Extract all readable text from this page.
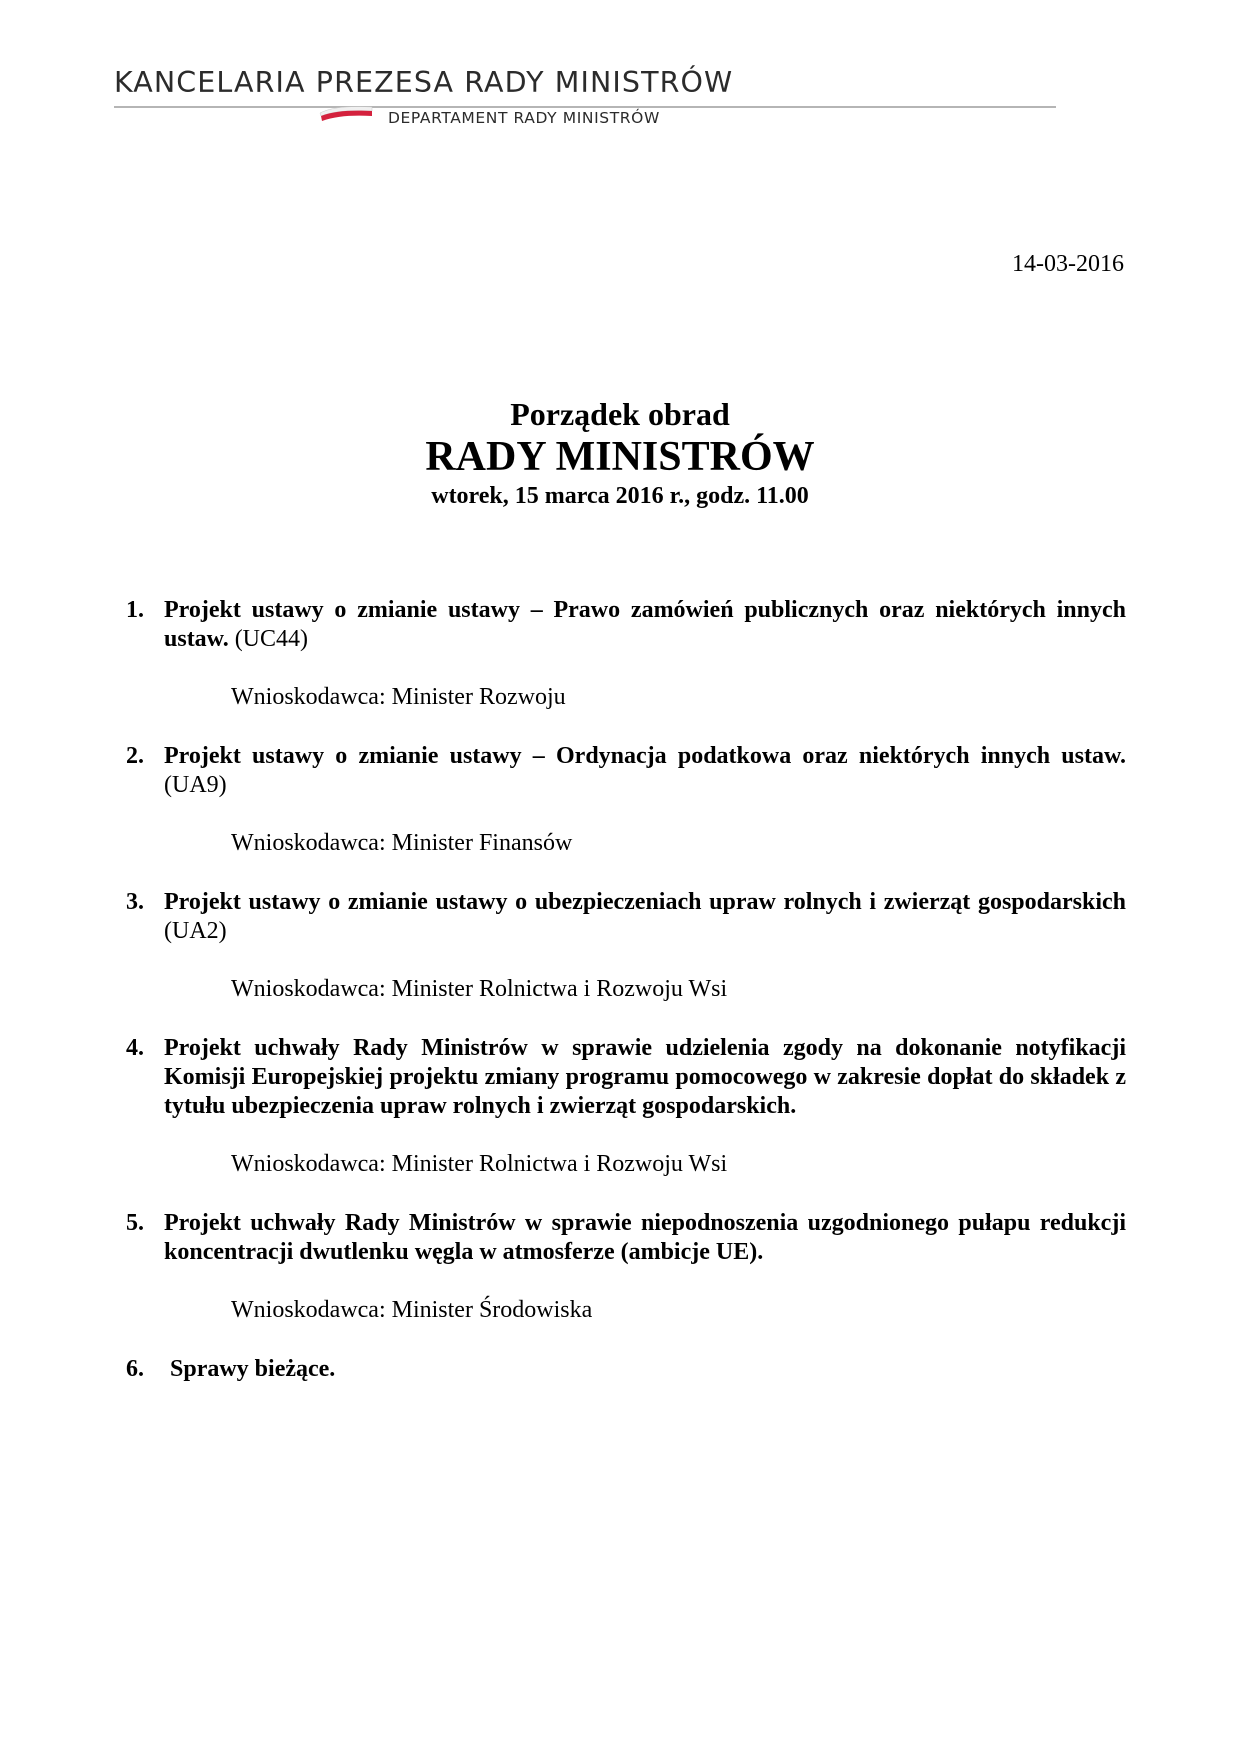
KANCELARIA PREZESA RADY MINISTRÓW
DEPARTAMENT RADY MINISTRÓW
14-03-2016
Porządek obrad
RADY MINISTRÓW
wtorek, 15 marca 2016 r., godz. 11.00
1. Projekt ustawy o zmianie ustawy – Prawo zamówień publicznych oraz niektórych innych ustaw. (UC44)
Wnioskodawca: Minister Rozwoju
2. Projekt ustawy o zmianie ustawy – Ordynacja podatkowa oraz niektórych innych ustaw. (UA9)
Wnioskodawca: Minister Finansów
3. Projekt ustawy o zmianie ustawy o ubezpieczeniach upraw rolnych i zwierząt gospodarskich (UA2)
Wnioskodawca: Minister Rolnictwa i Rozwoju Wsi
4. Projekt uchwały Rady Ministrów w sprawie udzielenia zgody na dokonanie notyfikacji Komisji Europejskiej projektu zmiany programu pomocowego w zakresie dopłat do składek z tytułu ubezpieczenia upraw rolnych i zwierząt gospodarskich.
Wnioskodawca: Minister Rolnictwa i Rozwoju Wsi
5. Projekt uchwały Rady Ministrów w sprawie niepodnoszenia uzgodnionego pułapu redukcji koncentracji dwutlenku węgla w atmosferze (ambicje UE).
Wnioskodawca: Minister Środowiska
6.	Sprawy bieżące.
